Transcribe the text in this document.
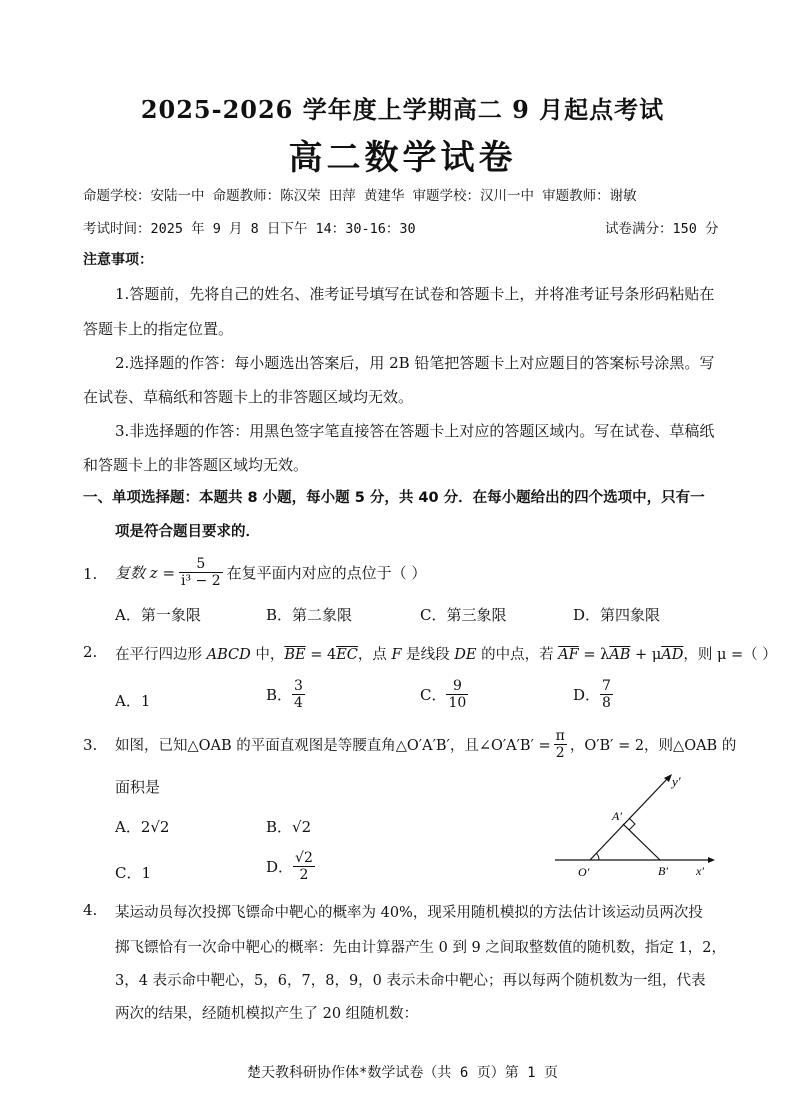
2025-2026 学年度上学期高二 9 月起点考试
高二数学试卷
命题学校：安陆一中 命题教师：陈汉荣 田萍 黄建华 审题学校：汉川一中 审题教师：谢敏
考试时间：2025 年 9 月 8 日下午 14：30-16：30	试卷满分：150 分
注意事项：
1.答题前，先将自己的姓名、准考证号填写在试卷和答题卡上，并将准考证号条形码粘贴在
答题卡上的指定位置。
2.选择题的作答：每小题选出答案后，用 2B 铅笔把答题卡上对应题目的答案标号涂黑。写
在试卷、草稿纸和答题卡上的非答题区域均无效。
3.非选择题的作答：用黑色签字笔直接答在答题卡上对应的答题区域内。写在试卷、草稿纸
和答题卡上的非答题区域均无效。
一、单项选择题：本题共 8 小题，每小题 5 分，共 40 分．在每小题给出的四个选项中，只有一
项是符合题目要求的．
1. 复数 $z = \frac{5}{\text{i³ − 2}}$ 在复平面内对应的点位于（ ）
A．第一象限	B．第二象限	C．第三象限	D．第四象限
2. 在平行四边形 ABCD 中，$\overline{BE} = 4\overline{EC}$，点 F 是线段 DE 的中点，若 $\overline{AF} = \lambda\overline{AB} + \mu\overline{AD}$，则 μ =（ ）
A．1	B． $\frac{3}{4}$	C． $\frac{9}{10}$	D． $\frac{7}{8}$
3. 如图，已知△OAB 的平面直观图是等腰直角△O′A′B′，且∠O′A′B′ = $\frac{\pi}{2}$ ，O′B′ = 2，则△OAB 的
面积是
A．2√2	B．√2
C．1	D． $\frac{√2}{2}$
y′
A′
O′	B′ x′
4. 某运动员每次投掷飞镖命中靶心的概率为 40%，现采用随机模拟的方法估计该运动员两次投
掷飞镖恰有一次命中靶心的概率：先由计算器产生 0 到 9 之间取整数值的随机数，指定 1，2，
3，4 表示命中靶心，5，6，7，8，9，0 表示未命中靶心；再以每两个随机数为一组，代表
两次的结果，经随机模拟产生了 20 组随机数：
楚天教科研协作体*数学试卷（共 6 页）第 1 页
